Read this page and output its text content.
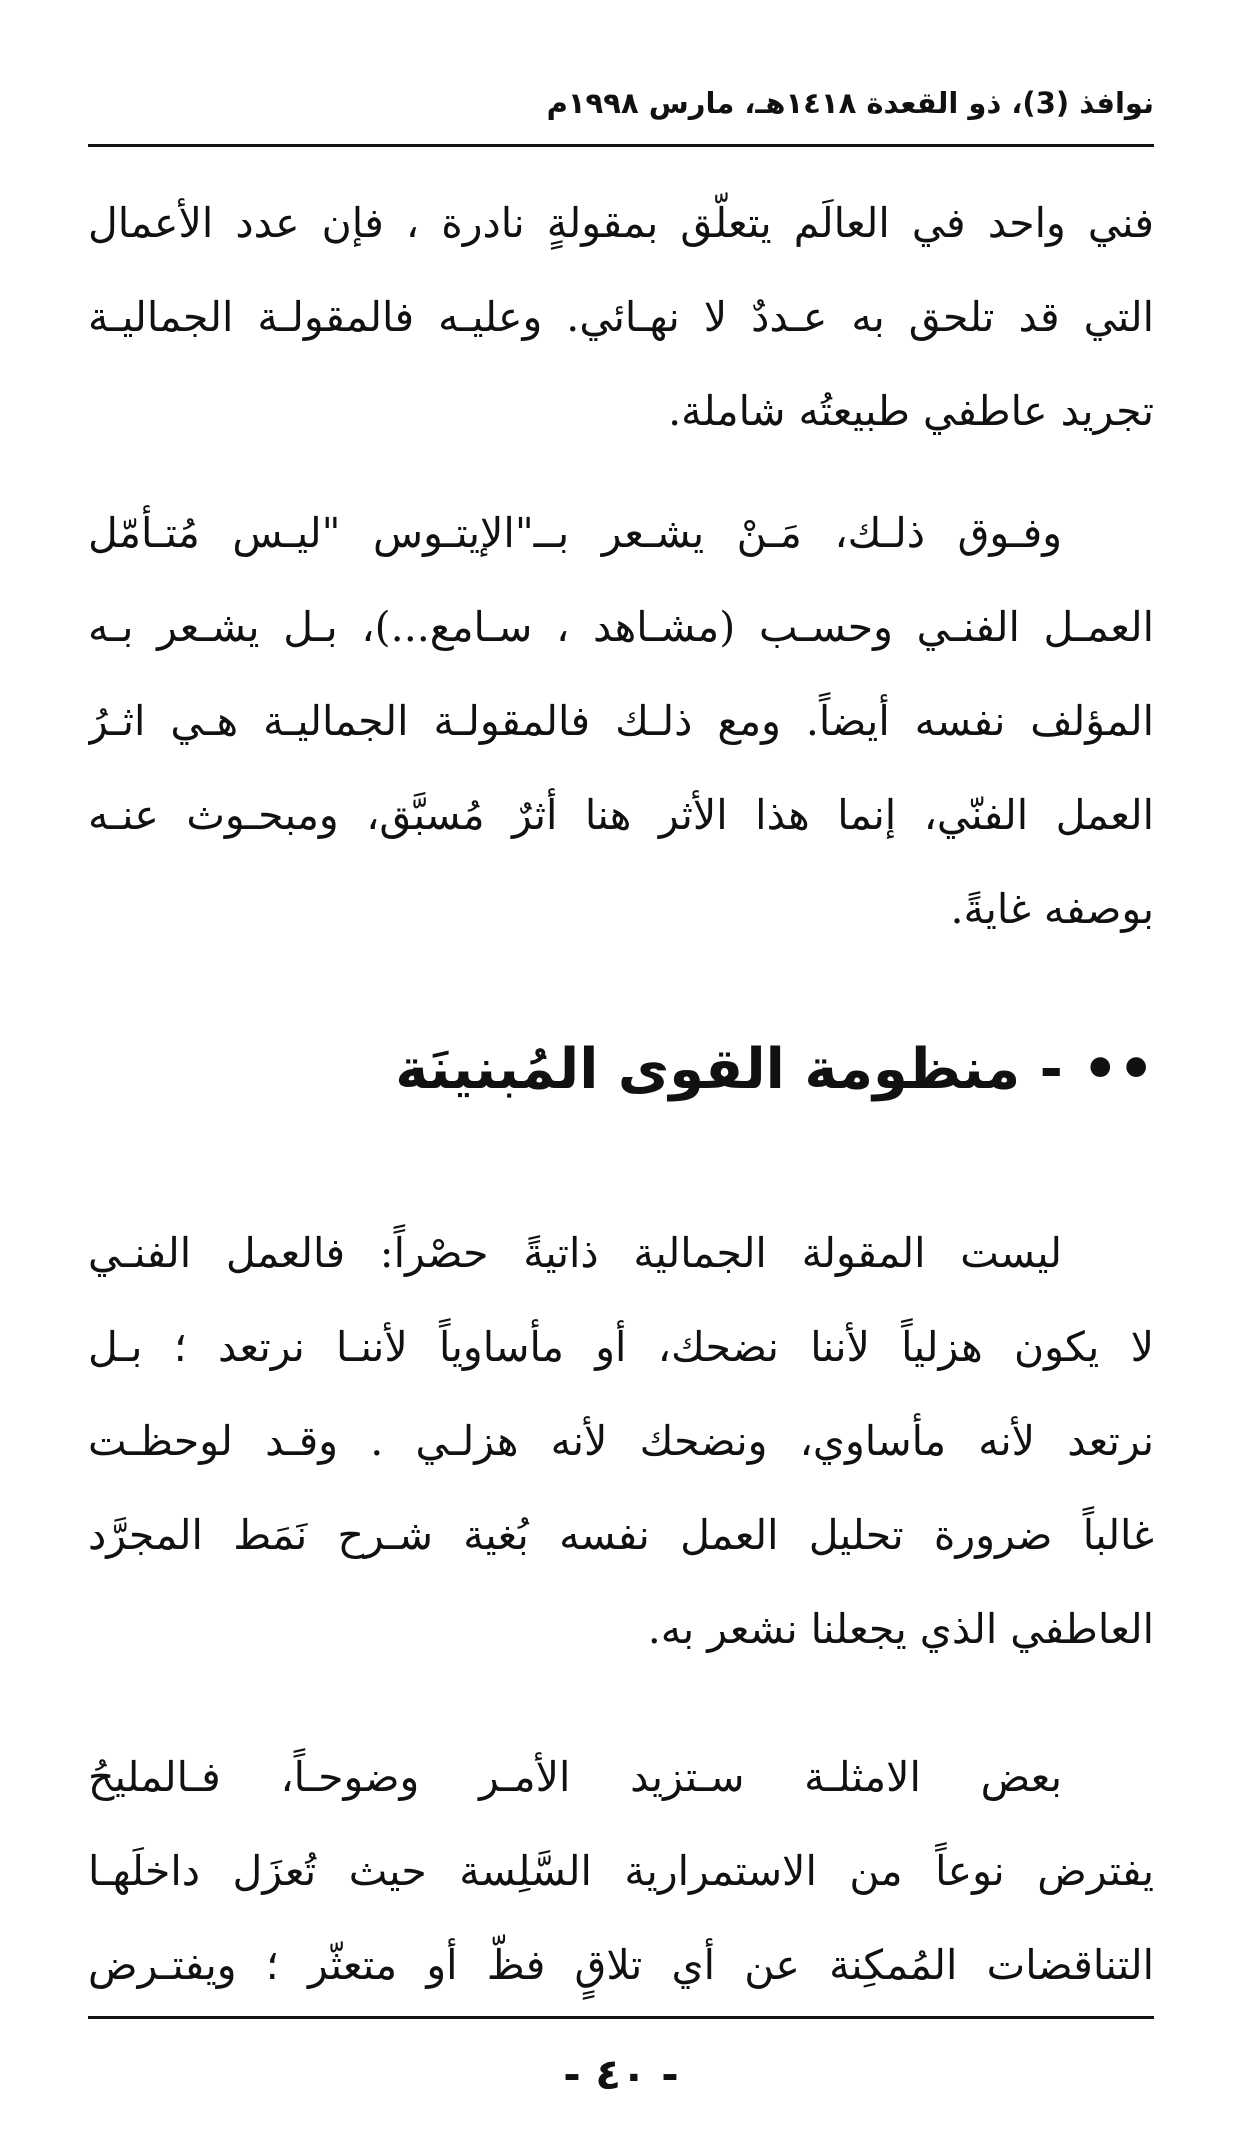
نوافذ (3)، ذو القعدة ١٤١٨هـ، مارس ١٩٩٨م
فني واحد في العالَم يتعلّق بمقولةٍ نادرة ، فإن عدد الأعمال
التي قد تلحق به عـددٌ لا نهـائي. وعليـه فالمقولـة الجماليـة
تجريد عاطفي طبيعتُه شاملة.
وفـوق ذلـك، مَـنْ يشـعر بــ"الإيتـوس "ليـس مُتـأمّل
العمـل الفنـي وحسـب (مشـاهد ، سـامع...)، بـل يشـعر بـه
المؤلف نفسه أيضاً. ومع ذلـك فالمقولـة الجماليـة هـي اثـرُ
العمل الفنّي، إنما هذا الأثر هنا أثرٌ مُسبَّق، ومبحـوث عنـه
بوصفه غايةً.
•• - منظومة القوى المُبنينَة
ليست المقولة الجمالية ذاتيةً حصْراً: فالعمل الفنـي
لا يكون هزلياً لأننا نضحك، أو مأساوياً لأننـا نرتعد ؛ بـل
نرتعد لأنه مأساوي، ونضحك لأنه هزلـي . وقـد لوحظـت
غالباً ضرورة تحليل العمل نفسه بُغية شـرح نَمَط المجرَّد
العاطفي الذي يجعلنا نشعر به.
بعض الامثلـة سـتزيد الأمـر وضوحـاً، فـالمليحُ
يفترض نوعاً من الاستمرارية السَّلِسة حيث تُعزَل داخلَهـا
التناقضات المُمكِنة عن أي تلاقٍ فظّ أو متعثّر ؛ ويفتـرض
- ٤٠ -
